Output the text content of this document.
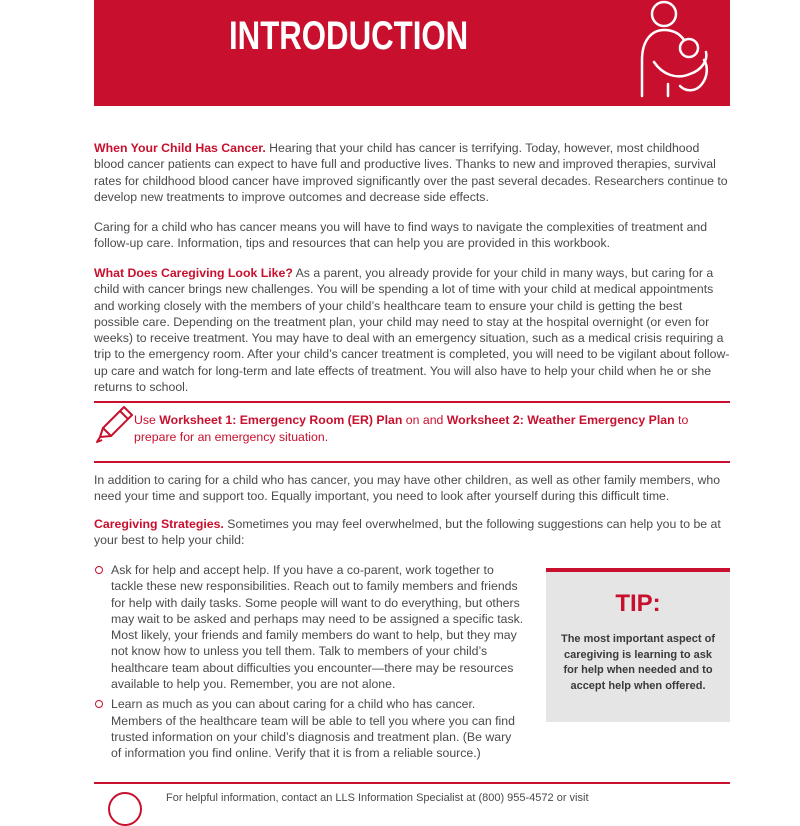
INTRODUCTION

When Your Child Has Cancer. Hearing that your child has cancer is terrifying. Today, however, most childhood blood cancer patients can expect to have full and productive lives. Thanks to new and improved therapies, survival rates for childhood blood cancer have improved significantly over the past several decades. Researchers continue to develop new treatments to improve outcomes and decrease side effects.

Caring for a child who has cancer means you will have to find ways to navigate the complexities of treatment and follow-up care. Information, tips and resources that can help you are provided in this workbook.

What Does Caregiving Look Like? As a parent, you already provide for your child in many ways, but caring for a child with cancer brings new challenges. You will be spending a lot of time with your child at medical appointments and working closely with the members of your child’s healthcare team to ensure your child is getting the best possible care. Depending on the treatment plan, your child may need to stay at the hospital overnight (or even for weeks) to receive treatment. You may have to deal with an emergency situation, such as a medical crisis requiring a trip to the emergency room. After your child’s cancer treatment is completed, you will need to be vigilant about follow-up care and watch for long-term and late effects of treatment. You will also have to help your child when he or she returns to school.

Use Worksheet 1: Emergency Room (ER) Plan on and Worksheet 2: Weather Emergency Plan to prepare for an emergency situation.

In addition to caring for a child who has cancer, you may have other children, as well as other family members, who need your time and support too. Equally important, you need to look after yourself during this difficult time.

Caregiving Strategies. Sometimes you may feel overwhelmed, but the following suggestions can help you to be at your best to help your child:

Ask for help and accept help. If you have a co-parent, work together to tackle these new responsibilities. Reach out to family members and friends for help with daily tasks. Some people will want to do everything, but others may wait to be asked and perhaps may need to be assigned a specific task. Most likely, your friends and family members do want to help, but they may not know how to unless you tell them. Talk to members of your child’s healthcare team about difficulties you encounter—there may be resources available to help you. Remember, you are not alone.
Learn as much as you can about caring for a child who has cancer. Members of the healthcare team will be able to tell you where you can find trusted information on your child’s diagnosis and treatment plan. (Be wary of information you find online. Verify that it is from a reliable source.)
TIP:
The most important aspect of caregiving is learning to ask for help when needed and to accept help when offered.
For helpful information, contact an LLS Information Specialist at (800) 955-4572 or visit
